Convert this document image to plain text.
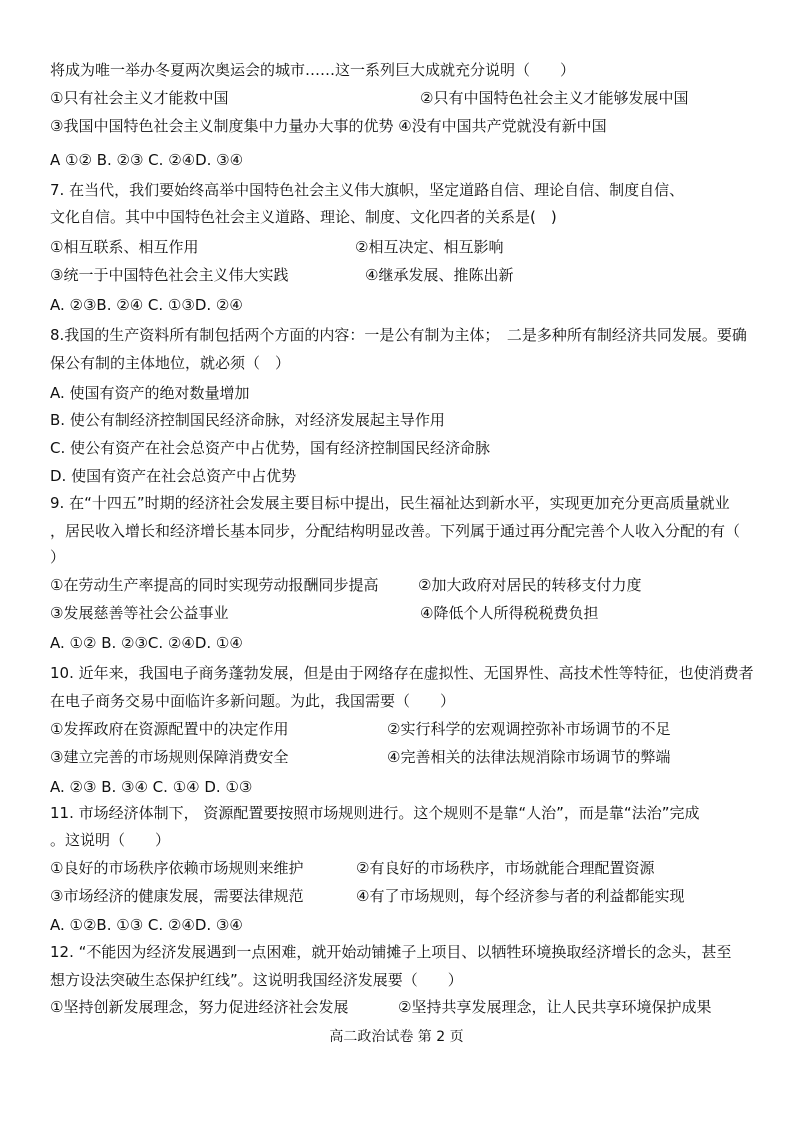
将成为唯一举办冬夏两次奥运会的城市……这一系列巨大成就充分说明（　　）
①只有社会主义才能救中国	②只有中国特色社会主义才能够发展中国
③我国中国特色社会主义制度集中力量办大事的优势 ④没有中国共产党就没有新中国
A ①② B. ②③ C. ②④D. ③④
7. 在当代，我们要始终高举中国特色社会主义伟大旗帜，坚定道路自信、理论自信、制度自信、
文化自信。其中中国特色社会主义道路、理论、制度、文化四者的关系是(　)
①相互联系、相互作用	②相互决定、相互影响
③统一于中国特色社会主义伟大实践	④继承发展、推陈出新
A. ②③B. ②④ C. ①③D. ②④
8.我国的生产资料所有制包括两个方面的内容：一是公有制为主体；　二是多种所有制经济共同发展。要确
保公有制的主体地位，就必须（　）
A. 使国有资产的绝对数量增加
B. 使公有制经济控制国民经济命脉，对经济发展起主导作用
C. 使公有资产在社会总资产中占优势，国有经济控制国民经济命脉
D. 使国有资产在社会总资产中占优势
9. 在“十四五”时期的经济社会发展主要目标中提出，民生福祉达到新水平，实现更加充分更高质量就业
，居民收入增长和经济增长基本同步，分配结构明显改善。下列属于通过再分配完善个人收入分配的有（
）
①在劳动生产率提高的同时实现劳动报酬同步提高	②加大政府对居民的转移支付力度
③发展慈善等社会公益事业	④降低个人所得税税费负担
A. ①② B. ②③C. ②④D. ①④
10. 近年来，我国电子商务蓬勃发展，但是由于网络存在虚拟性、无国界性、高技术性等特征，也使消费者
在电子商务交易中面临许多新问题。为此，我国需要（　　）
①发挥政府在资源配置中的决定作用	②实行科学的宏观调控弥补市场调节的不足
③建立完善的市场规则保障消费安全	④完善相关的法律法规消除市场调节的弊端
A. ②③ B. ③④ C. ①④ D. ①③
11. 市场经济体制下， 资源配置要按照市场规则进行。这个规则不是靠“人治”，而是靠“法治”完成
。这说明（　　）
①良好的市场秩序依赖市场规则来维护	②有良好的市场秩序，市场就能合理配置资源
③市场经济的健康发展，需要法律规范	④有了市场规则，每个经济参与者的利益都能实现
A. ①②B. ①③ C. ②④D. ③④
12. “不能因为经济发展遇到一点困难，就开始动铺摊子上项目、以牺牲环境换取经济增长的念头，甚至
想方设法突破生态保护红线”。这说明我国经济发展要（　　）
①坚持创新发展理念，努力促进经济社会发展	②坚持共享发展理念，让人民共享环境保护成果
高二政治试卷 第 2 页
